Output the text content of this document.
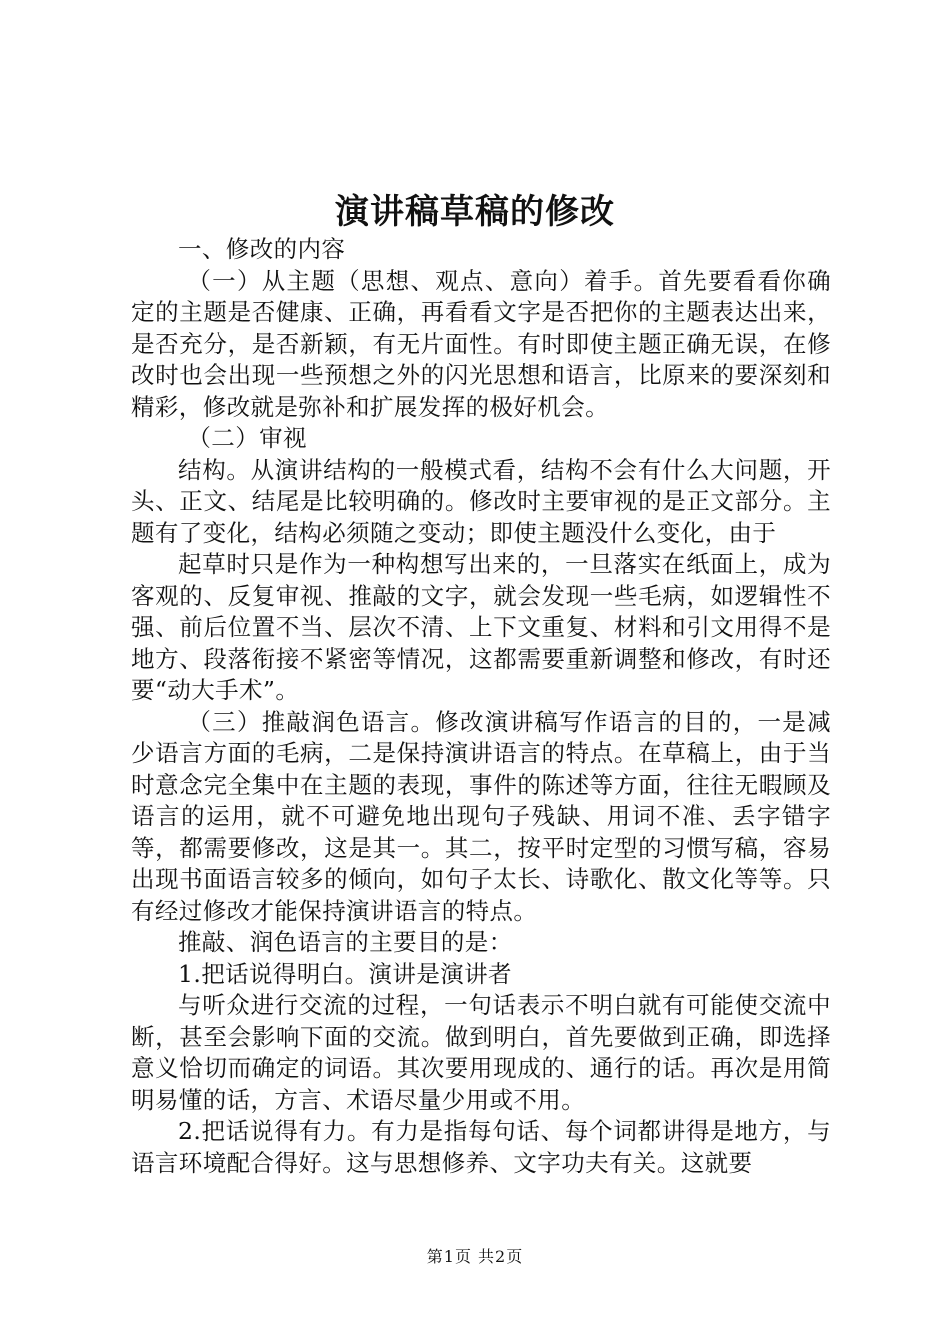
演讲稿草稿的修改

一、修改的内容

（一）从主题（思想、观点、意向）着手。首先要看看你确定的主题是否健康、正确，再看看文字是否把你的主题表达出来，是否充分，是否新颖，有无片面性。有时即使主题正确无误，在修改时也会出现一些预想之外的闪光思想和语言，比原来的要深刻和精彩，修改就是弥补和扩展发挥的极好机会。

（二）审视

结构。从演讲结构的一般模式看，结构不会有什么大问题，开头、正文、结尾是比较明确的。修改时主要审视的是正文部分。主题有了变化，结构必须随之变动；即使主题没什么变化，由于

起草时只是作为一种构想写出来的，一旦落实在纸面上，成为客观的、反复审视、推敲的文字，就会发现一些毛病，如逻辑性不强、前后位置不当、层次不清、上下文重复、材料和引文用得不是地方、段落衔接不紧密等情况，这都需要重新调整和修改，有时还要“动大手术”。

（三）推敲润色语言。修改演讲稿写作语言的目的，一是减少语言方面的毛病，二是保持演讲语言的特点。在草稿上，由于当时意念完全集中在主题的表现，事件的陈述等方面，往往无暇顾及语言的运用，就不可避免地出现句子残缺、用词不准、丢字错字等，都需要修改，这是其一。其二，按平时定型的习惯写稿，容易出现书面语言较多的倾向，如句子太长、诗歌化、散文化等等。只有经过修改才能保持演讲语言的特点。

推敲、润色语言的主要目的是：

1.把话说得明白。演讲是演讲者

与听众进行交流的过程，一句话表示不明白就有可能使交流中断，甚至会影响下面的交流。做到明白，首先要做到正确，即选择意义恰切而确定的词语。其次要用现成的、通行的话。再次是用简明易懂的话，方言、术语尽量少用或不用。

2.把话说得有力。有力是指每句话、每个词都讲得是地方，与语言环境配合得好。这与思想修养、文字功夫有关。这就要

第1页 共2页
